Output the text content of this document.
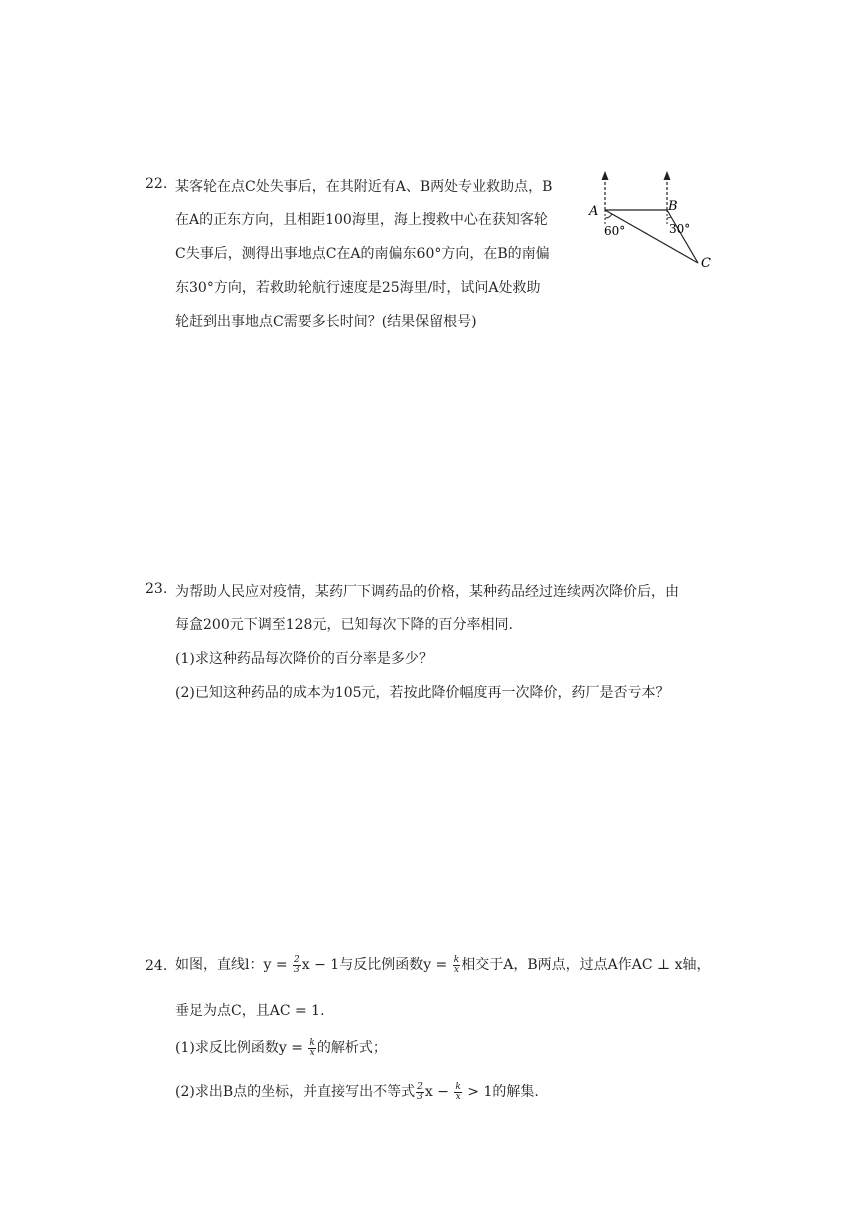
22. 某客轮在点C处失事后，在其附近有A、B两处专业救助点，B
在A的正东方向，且相距100海里，海上搜救中心在获知客轮
C失事后，测得出事地点C在A的南偏东60°方向，在B的南偏
东30°方向，若救助轮航行速度是25海里/时，试问A处救助
轮赶到出事地点C需要多长时间？(结果保留根号)
A	B
C
60°	30°
23. 为帮助人民应对疫情，某药厂下调药品的价格，某种药品经过连续两次降价后，由
每盒200元下调至128元，已知每次下降的百分率相同.
(1)求这种药品每次降价的百分率是多少？
(2)已知这种药品的成本为105元，若按此降价幅度再一次降价，药厂是否亏本？
24. 如图，直线l：$y = \frac{2}{3}$ x − 1与反比例函数$y = \frac{k}{x}$ 相交于A，B两点，过点A作AC ⊥ x轴，
垂足为点C，且AC = 1.
(1)求反比例函数$y = \frac{k}{x}$ 的解析式；
(2)求出B点的坐标，并直接写出不等式 $\frac{2}{3}$ $x - \frac{k}{x} > 1$的解集.
